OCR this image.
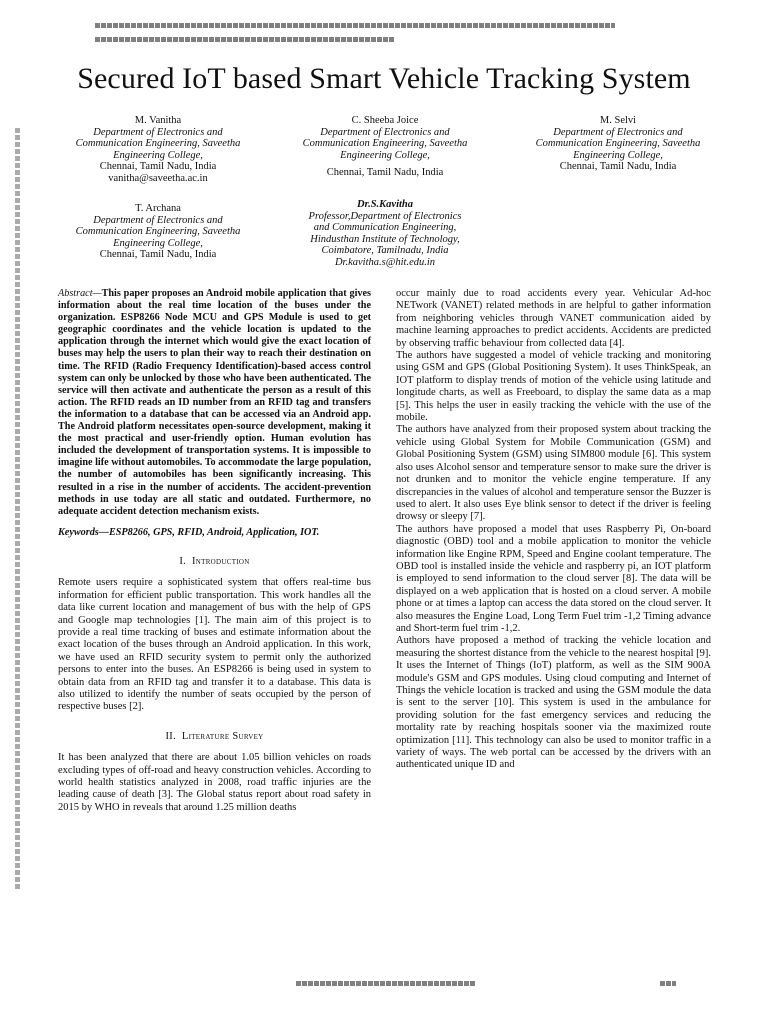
Secured IoT based Smart Vehicle Tracking System
M. Vanitha
Department of Electronics and
Communication Engineering, Saveetha
Engineering College,
Chennai, Tamil Nadu, India
vanitha@saveetha.ac.in
C. Sheeba Joice
Department of Electronics and
Communication Engineering, Saveetha
Engineering College,
Chennai, Tamil Nadu, India
M. Selvi
Department of Electronics and
Communication Engineering, Saveetha
Engineering College,
Chennai, Tamil Nadu, India
T. Archana
Department of Electronics and
Communication Engineering, Saveetha
Engineering College,
Chennai, Tamil Nadu, India
Dr.S.Kavitha
Professor,Department of Electronics
and Communication Engineering,
Hindusthan Institute of Technology,
Coimbatore, Tamilnadu, India
Dr.kavitha.s@hit.edu.in

Abstract—This paper proposes an Android mobile application that gives information about the real time location of the buses under the organization. ESP8266 Node MCU and GPS Module is used to get geographic coordinates and the vehicle location is updated to the application through the internet which would give the exact location of buses may help the users to plan their way to reach their destination on time. The RFID (Radio Frequency Identification)-based access control system can only be unlocked by those who have been authenticated. The service will then activate and authenticate the person as a result of this action. The RFID reads an ID number from an RFID tag and transfers the information to a database that can be accessed via an Android app. The Android platform necessitates open-source development, making it the most practical and user-friendly option. Human evolution has included the development of transportation systems. It is impossible to imagine life without automobiles. To accommodate the large population, the number of automobiles has been significantly increasing. This resulted in a rise in the number of accidents. The accident-prevention methods in use today are all static and outdated. Furthermore, no adequate accident detection mechanism exists.

Keywords—ESP8266, GPS, RFID, Android, Application, IOT.

I. Introduction

Remote users require a sophisticated system that offers real-time bus information for efficient public transportation. This work handles all the data like current location and management of bus with the help of GPS and Google map technologies [1]. The main aim of this project is to provide a real time tracking of buses and estimate information about the exact location of the buses through an Android application. In this work, we have used an RFID security system to permit only the authorized persons to enter into the buses. An ESP8266 is being used in system to obtain data from an RFID tag and transfer it to a database. This data is also utilized to identify the number of seats occupied by the person of respective buses [2].

II. Literature Survey

It has been analyzed that there are about 1.05 billion vehicles on roads excluding types of off-road and heavy construction vehicles. According to world health statistics analyzed in 2008, road traffic injuries are the leading cause of death [3]. The Global status report about road safety in 2015 by WHO in reveals that around 1.25 million deaths

occur mainly due to road accidents every year. Vehicular Ad-hoc NETwork (VANET) related methods in are helpful to gather information from neighboring vehicles through VANET communication aided by machine learning approaches to predict accidents. Accidents are predicted by observing traffic behaviour from collected data [4].

The authors have suggested a model of vehicle tracking and monitoring using GSM and GPS (Global Positioning System). It uses ThinkSpeak, an IOT platform to display trends of motion of the vehicle using latitude and longitude charts, as well as Freeboard, to display the same data as a map [5]. This helps the user in easily tracking the vehicle with the use of the mobile.

The authors have analyzed from their proposed system about tracking the vehicle using Global System for Mobile Communication (GSM) and Global Positioning System (GSM) using SIM800 module [6]. This system also uses Alcohol sensor and temperature sensor to make sure the driver is not drunken and to monitor the vehicle engine temperature. If any discrepancies in the values of alcohol and temperature sensor the Buzzer is used to alert. It also uses Eye blink sensor to detect if the driver is feeling drowsy or sleepy [7].

The authors have proposed a model that uses Raspberry Pi, On-board diagnostic (OBD) tool and a mobile application to monitor the vehicle information like Engine RPM, Speed and Engine coolant temperature. The OBD tool is installed inside the vehicle and raspberry pi, an IOT platform is employed to send information to the cloud server [8]. The data will be displayed on a web application that is hosted on a cloud server. A mobile phone or at times a laptop can access the data stored on the cloud server. It also measures the Engine Load, Long Term Fuel trim -1,2 Timing advance and Short-term fuel trim -1,2.

Authors have proposed a method of tracking the vehicle location and measuring the shortest distance from the vehicle to the nearest hospital [9]. It uses the Internet of Things (IoT) platform, as well as the SIM 900A module's GSM and GPS modules. Using cloud computing and Internet of Things the vehicle location is tracked and using the GSM module the data is sent to the server [10]. This system is used in the ambulance for providing solution for the fast emergency services and reducing the mortality rate by reaching hospitals sooner via the maximized route optimization [11]. This technology can also be used to monitor traffic in a variety of ways. The web portal can be accessed by the drivers with an authenticated unique ID and
